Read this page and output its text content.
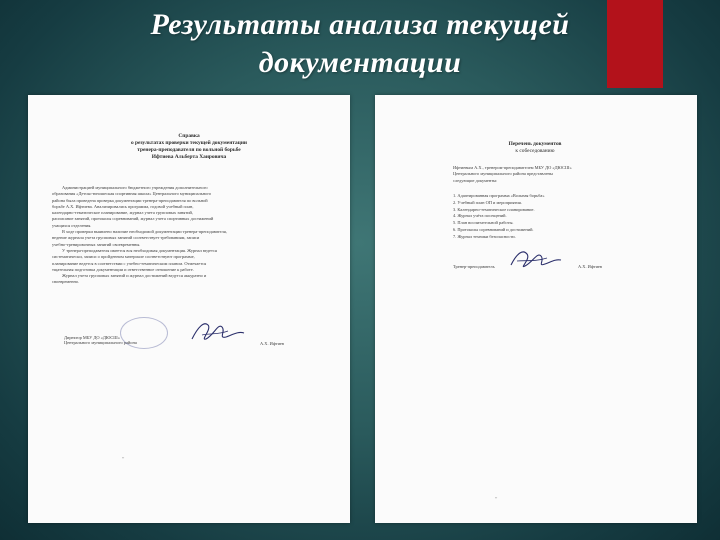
Результаты анализа текущей
документации
Справка
о результатах проверки текущей документации
тренера-преподавателя по вольной борьбе
Ифтиева Альберта Хаировича
Администрацией муниципального бюджетного учреждения дополнительного
образования «Детско-юношеская спортивная школа» Центрального муниципального
района была проведена проверка документации тренера-преподавателя по вольной
борьбе А.Х. Ифтиева. Анализировались программа, годовой учебный план,
календарно-тематическое планирование, журнал учета групповых занятий,
расписание занятий, протоколы соревнований, журнал учета спортивных достижений
учащихся отделения.
В ходе проверки выявлено наличие необходимой документации тренера-преподавателя,
ведение журнала учета групповых занятий соответствует требованиям, записи
учебно-тренировочных занятий своевременны.
У тренера-преподавателя имеется вся необходимая документация. Журнал ведется
систематически, записи о пройденном материале соответствуют программе,
планирование ведется в соответствии с учебно-тематическим планом. Отмечается
тщательная подготовка документации и ответственное отношение к работе.
Журнал учета групповых занятий и журнал достижений ведутся аккуратно и
своевременно.
Директор МБУ ДО «ДЮСШ»
Центрального муниципального района	А.Х. Ифтиев
"
Перечень документов
к собеседованию
Ифтиевым А.Х., тренером-преподавателем МБУ ДО «ДЮСШ»
Центрального муниципального района представлены
следующие документы:
1. Адаптированная программа «Вольная борьба»
2. Учебный план ОП и мероприятия.
3. Календарно-тематическое планирование.
4. Журнал учёта посещений.
5. План воспитательной работы.
6. Протоколы соревнований и достижений.
7. Журнал техники безопасности.
Тренер-преподаватель	А.Х. Ифтиев
"
